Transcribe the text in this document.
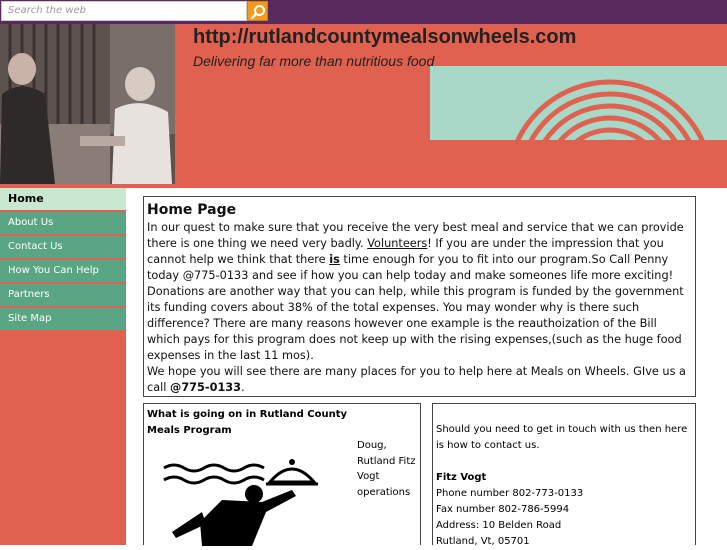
Search the web
http://rutlandcountymealsonwheels.com
Delivering far more than nutritious food
Home
About Us
Contact Us
How You Can Help
Partners
Site Map
Home Page
In our quest to make sure that you receive the very best meal and service that we can provide there is one thing we need very badly. Volunteers! If you are under the impression that you cannot help we think that there is time enough for you to fit into our program.So Call Penny today @775-0133 and see if how you can help today and make someones life more exciting!
Donations are another way that you can help, while this program is funded by the government its funding covers about 38% of the total expenses. You may wonder why is there such difference? There are many reasons however one example is the reauthoization of the Bill which pays for this program does not keep up with the rising expenses,(such as the huge food expenses in the last 11 mos).
We hope you will see there are many places for you to help here at Meals on Wheels. GIve us a call @775-0133.
What is going on in Rutland County Meals Program
Doug, Rutland Fitz Vogt operations
Should you need to get in touch with us then here is how to contact us.
Fitz Vogt
Phone number 802-773-0133
Fax number 802-786-5994
Address: 10 Belden Road
Rutland, Vt, 05701
